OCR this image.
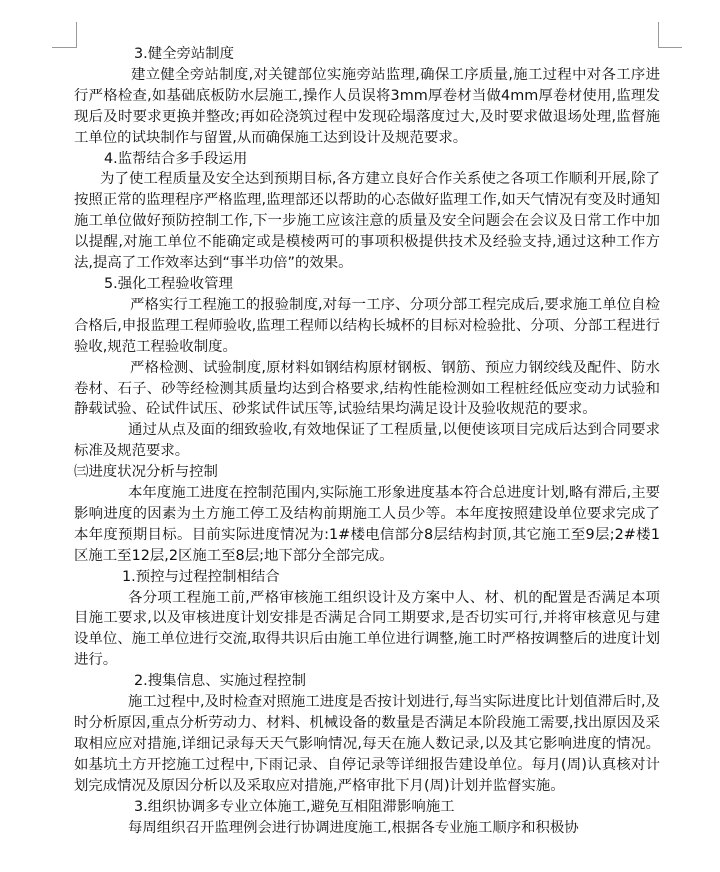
3.健全旁站制度

建立健全旁站制度,对关键部位实施旁站监理,确保工序质量,施工过程中对各工序进行严格检查,如基础底板防水层施工,操作人员误将3mm厚卷材当做4mm厚卷材使用,监理发现后及时要求更换并整改;再如砼浇筑过程中发现砼塌落度过大,及时要求做退场处理,监督施工单位的试块制作与留置,从而确保施工达到设计及规范要求。

4.监帮结合多手段运用

为了使工程质量及安全达到预期目标,各方建立良好合作关系使之各项工作顺利开展,除了按照正常的监理程序严格监理,监理部还以帮助的心态做好监理工作,如天气情况有变及时通知施工单位做好预防控制工作,下一步施工应该注意的质量及安全问题会在会议及日常工作中加以提醒,对施工单位不能确定或是模棱两可的事项积极提供技术及经验支持,通过这种工作方法,提高了工作效率达到“事半功倍”的效果。

5.强化工程验收管理

严格实行工程施工的报验制度,对每一工序、分项分部工程完成后,要求施工单位自检合格后,申报监理工程师验收,监理工程师以结构长城杯的目标对检验批、分项、分部工程进行验收,规范工程验收制度。

严格检测、试验制度,原材料如钢结构原材钢板、钢筋、预应力钢绞线及配件、防水卷材、石子、砂等经检测其质量均达到合格要求,结构性能检测如工程桩经低应变动力试验和静载试验、砼试件试压、砂浆试件试压等,试验结果均满足设计及验收规范的要求。

通过从点及面的细致验收,有效地保证了工程质量,以便使该项目完成后达到合同要求标准及规范要求。

㈢进度状况分析与控制

本年度施工进度在控制范围内,实际施工形象进度基本符合总进度计划,略有滞后,主要影响进度的因素为土方施工停工及结构前期施工人员少等。本年度按照建设单位要求完成了本年度预期目标。目前实际进度情况为:1#楼电信部分8层结构封顶,其它施工至9层;2#楼1区施工至12层,2区施工至8层;地下部分全部完成。

1.预控与过程控制相结合

各分项工程施工前,严格审核施工组织设计及方案中人、材、机的配置是否满足本项目施工要求,以及审核进度计划安排是否满足合同工期要求,是否切实可行,并将审核意见与建设单位、施工单位进行交流,取得共识后由施工单位进行调整,施工时严格按调整后的进度计划进行。

2.搜集信息、实施过程控制

施工过程中,及时检查对照施工进度是否按计划进行,每当实际进度比计划值滞后时,及时分析原因,重点分析劳动力、材料、机械设备的数量是否满足本阶段施工需要,找出原因及采取相应应对措施,详细记录每天天气影响情况,每天在施人数记录,以及其它影响进度的情况。如基坑土方开挖施工过程中,下雨记录、自停记录等详细报告建设单位。每月(周)认真核对计划完成情况及原因分析以及采取应对措施,严格审批下月(周)计划并监督实施。

3.组织协调多专业立体施工,避免互相阻滞影响施工

每周组织召开监理例会进行协调进度施工,根据各专业施工顺序和积极协
